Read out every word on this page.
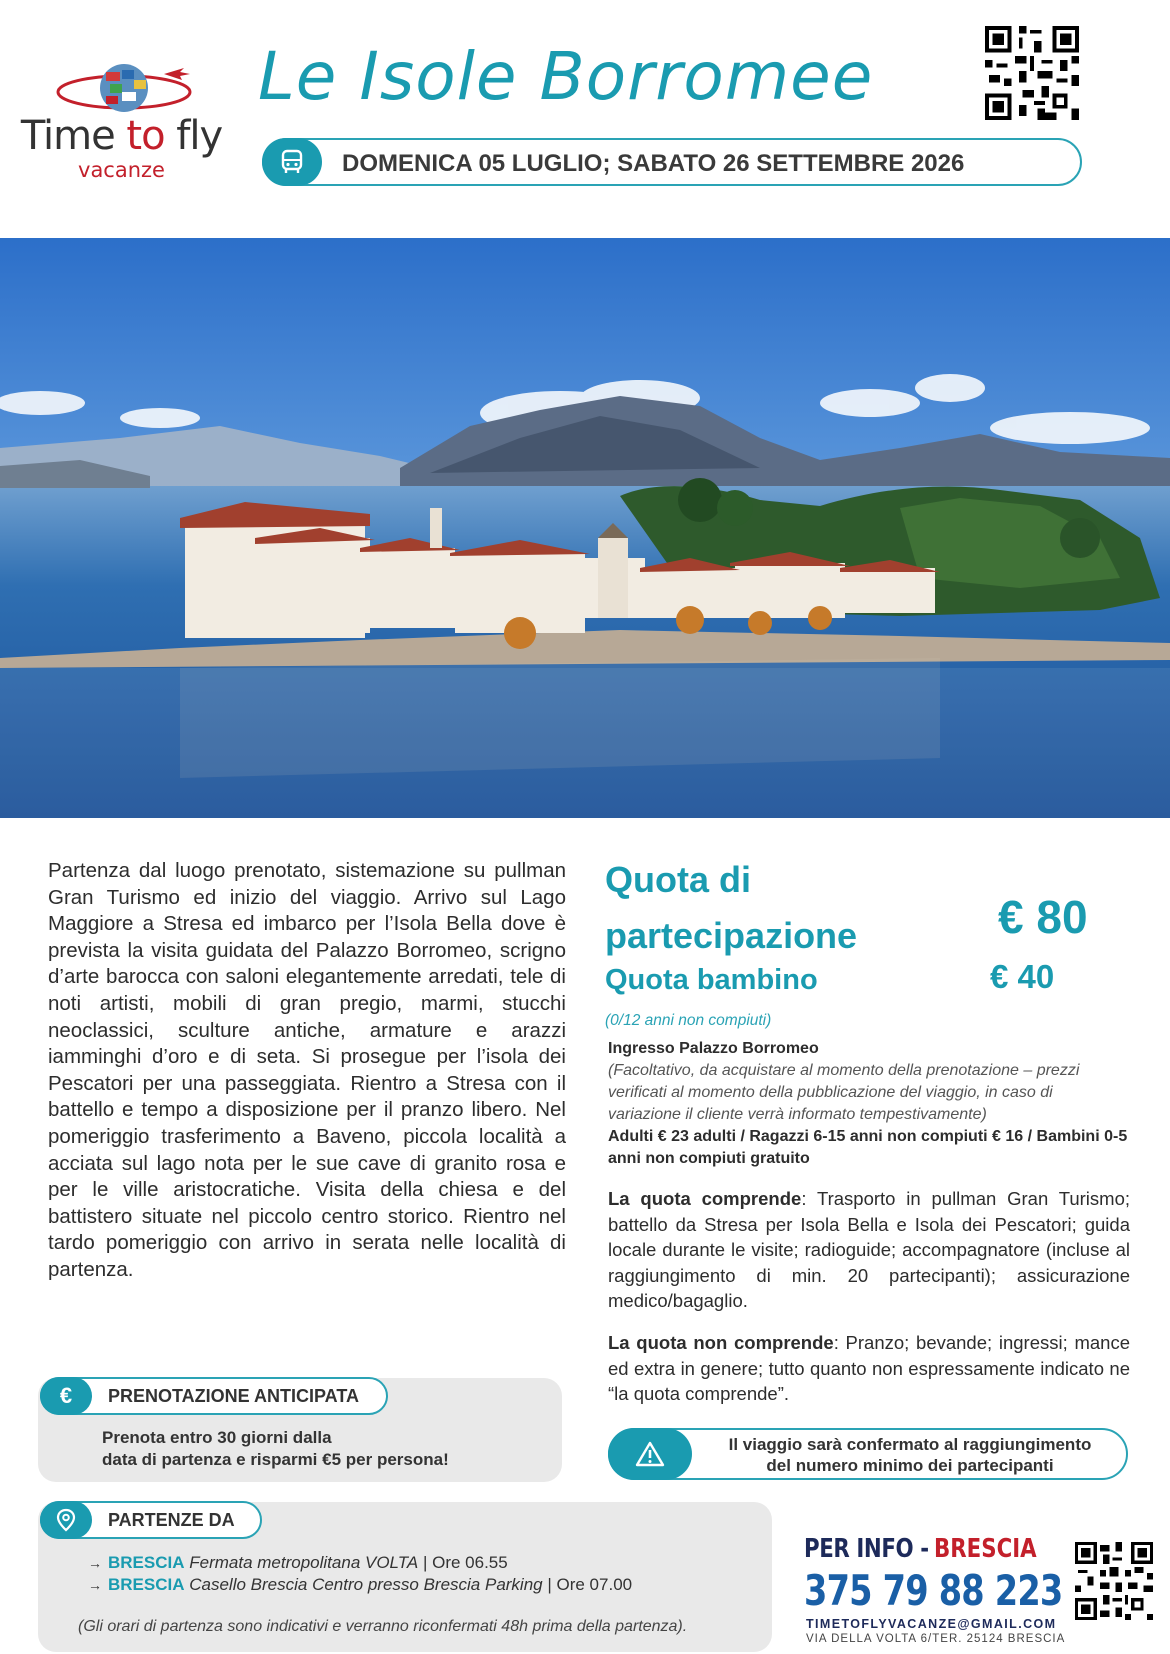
Time to fly
vacanze
Le Isole Borromee
DOMENICA 05 LUGLIO; SABATO 26 SETTEMBRE 2026
Partenza dal luogo prenotato, sistemazione su pullman Gran Turismo ed inizio del viaggio. Arrivo sul Lago Maggiore a Stresa ed imbarco per l’Isola Bella dove è prevista la visita guidata del Palazzo Borromeo, scrigno d’arte barocca con saloni elegantemente arredati, tele di noti artisti, mobili di gran pregio, marmi, stucchi neoclassici, sculture antiche, armature e arazzi iamminghi d’oro e di seta. Si prosegue per l’isola dei Pescatori per una passeggiata. Rientro a Stresa con il battello e tempo a disposizione per il pranzo libero. Nel pomeriggio trasferimento a Baveno, piccola località a acciata sul lago nota per le sue cave di granito rosa e per le ville aristocratiche. Visita della chiesa e del battistero situate nel piccolo centro storico. Rientro nel tardo pomeriggio con arrivo in serata nelle località di partenza.
Quota di
partecipazione	€ 80
Quota bambino	€ 40
(0/12 anni non compiuti)
Ingresso Palazzo Borromeo
(Facoltativo, da acquistare al momento della prenotazione – prezzi verificati al momento della pubblicazione del viaggio, in caso di variazione il cliente verrà informato tempestivamente)
Adulti € 23 adulti / Ragazzi 6-15 anni non compiuti € 16 / Bambini 0-5 anni non compiuti gratuito
La quota comprende: Trasporto in pullman Gran Turismo; battello da Stresa per Isola Bella e Isola dei Pescatori; guida locale durante le visite; radioguide; accompagnatore (incluse al raggiungimento di min. 20 partecipanti); assicurazione medico/bagaglio.
La quota non comprende: Pranzo; bevande; ingressi; mance ed extra in genere; tutto quanto non espressamente indicato ne “la quota comprende”.
Il viaggio sarà confermato al raggiungimento
del numero minimo dei partecipanti
€	PRENOTAZIONE ANTICIPATA
Prenota entro 30 giorni dalla
data di partenza e risparmi €5 per persona!
PARTENZE DA
→ BRESCIA Fermata metropolitana VOLTA | Ore 06.55
→ BRESCIA Casello Brescia Centro presso Brescia Parking | Ore 07.00
(Gli orari di partenza sono indicativi e verranno riconfermati 48h prima della partenza).
PER INFO - BRESCIA
375 79 88 223
TIMETOFLYVACANZE@GMAIL.COM
VIA DELLA VOLTA 6/TER. 25124 BRESCIA
